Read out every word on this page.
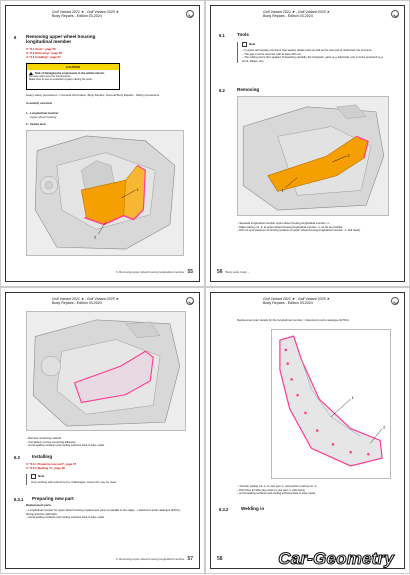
Golf Variant 2021 ➤ , Golf Variant 2025 ➤
Body Repairs - Edition 03.2024
6 Removing upper wheel housing longitudinal member
⇒ "6.1 Tools", page 56
⇒ "6.2 Removing", page 56
⇒ "6.3 Installing", page 57
CAUTION
Risk of damaging the components in the vehicle interior.
Remove and cover the components.
Make sure to use an extraction system during the work.
Heavy safety precautions ⇒ General Information; Body Repairs, General Body Repairs - Safety precautions.
Assembly overview
1 - Longitudinal member
Upper wheel housing
2 - Sealed area
1
2
6. Removing upper wheel housing longitudinal member 55
Golf Variant 2021 ➤ , Golf Variant 2025 ➤
Body Repairs - Edition 03.2024
6.1	Tools
Note
– In areas with heavily prominent rear sealed, plastic parts as well as the rear part of reinforced, the structure.
– The gap must be ensured, with at least 100 mm.
– The cutting tool is then applied. Proceeding carefully, the bodywork, parts (e.g. Electrical, etc) must be protected (e.g. Front, Wheel, etc).
6.2	Removing
2
1
– Separate longitudinal member upper wheel housing longitudinal member -1-.
– Make parting cut -2- at upper wheel housing longitudinal member -1- as far as possible.
– Drill out spot welds at connecting surfaces of upper wheel housing longitudinal member -1- (left hand).
56 Body parts, body, ...
Golf Variant 2021 ➤ , Golf Variant 2025 ➤
Body Repairs - Edition 03.2024
– Remove remaining material.
– Completely remove remaining adhesive.
– Grind welding surfaces and cooling surfaces back to bare metal.
6.3	Installing
⇒ "6.3.1 Preparing new part", page 57
⇒ "6.3.2 Welding in", page 58
Note
Only welding with authorized by Volkswagen Group AG may be used.
6.3.1 Preparing new part
Replacement parts
– Longitudinal member for upper wheel housing (replacement part) cut parallel to the edges. ⇒ Electronic parts catalogue (ETKA), driving direction (left/right).
– Grind welding surfaces and cooling surfaces back to bare metal.
6. Removing upper wheel housing longitudinal member 57
Golf Variant 2021 ➤ , Golf Variant 2025 ➤
Body Repairs - Edition 03.2024
Replacement part details for the longitudinal member ⇒ Electronic parts catalogue (ETKA).
1
2
– Transfer parting cut -2- to new part -1- and perform parting cut -1-.
– Drill holes for MIG plug weld on new part -1- (left hand).
– Grind welding surfaces and cooling surfaces back to bare metal.
6.3.2	Welding in
58	Car-Geometry
